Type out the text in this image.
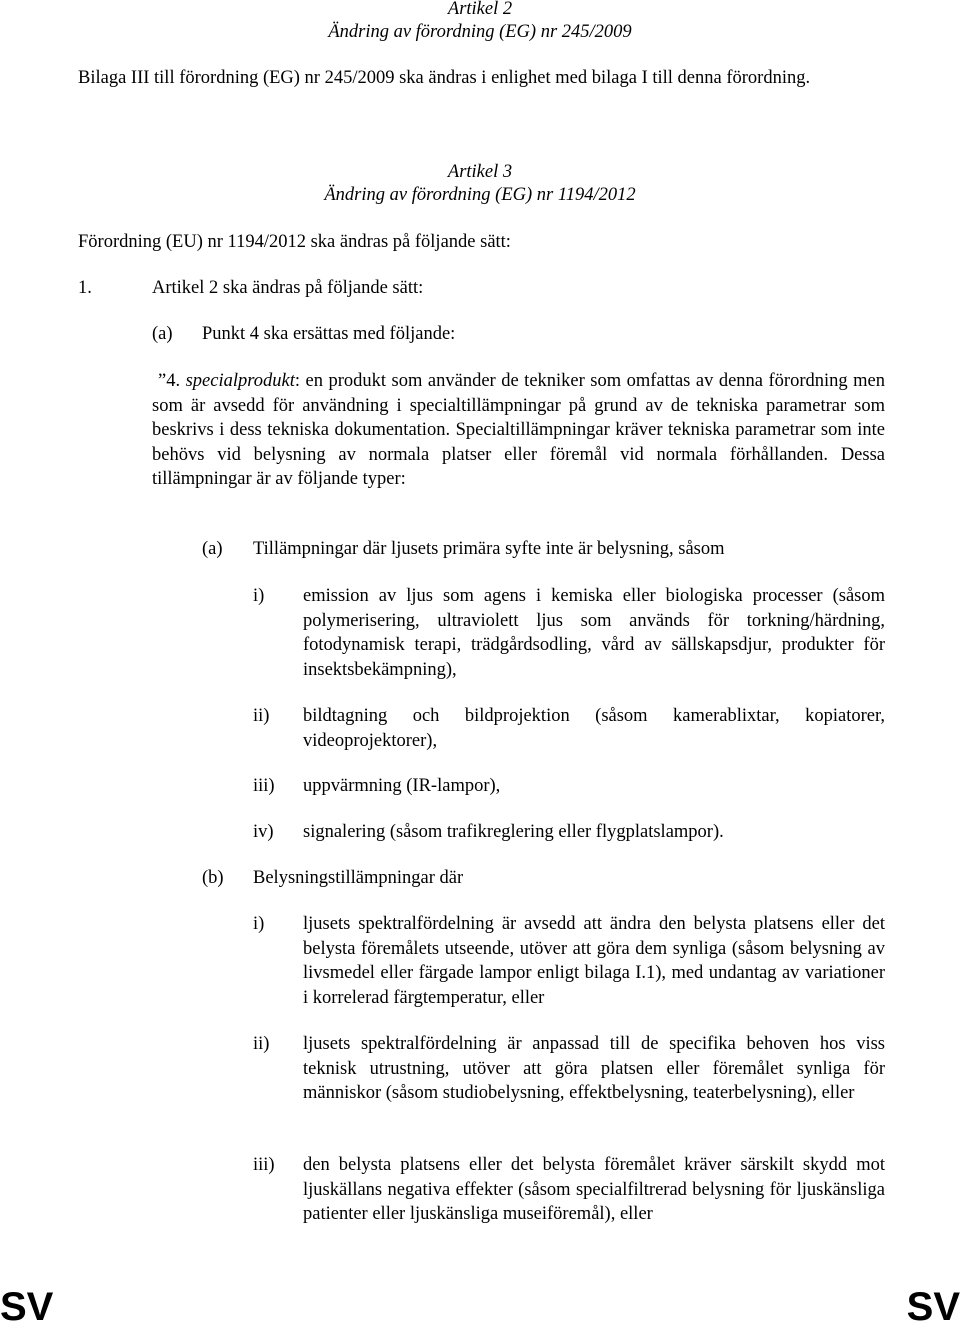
Artikel 2
Ändring av förordning (EG) nr 245/2009
Bilaga III till förordning (EG) nr 245/2009 ska ändras i enlighet med bilaga I till denna förordning.
Artikel 3
Ändring av förordning (EG) nr 1194/2012
Förordning (EU) nr 1194/2012 ska ändras på följande sätt:
1.	Artikel 2 ska ändras på följande sätt:
(a) Punkt 4 ska ersättas med följande:
”4. specialprodukt: en produkt som använder de tekniker som omfattas av denna förordning men som är avsedd för användning i specialtillämpningar på grund av de tekniska parametrar som beskrivs i dess tekniska dokumentation. Specialtillämpningar kräver tekniska parametrar som inte behövs vid belysning av normala platser eller föremål vid normala förhållanden. Dessa tillämpningar är av följande typer:
(a) Tillämpningar där ljusets primära syfte inte är belysning, såsom
i) emission av ljus som agens i kemiska eller biologiska processer (såsom polymerisering, ultraviolett ljus som används för torkning/härdning, fotodynamisk terapi, trädgårdsodling, vård av sällskapsdjur, produkter för insektsbekämpning),
ii) bildtagning och bildprojektion (såsom kamerablixtar, kopiatorer, videoprojektorer),
iii) uppvärmning (IR-lampor),
iv) signalering (såsom trafikreglering eller flygplatslampor).
(b) Belysningstillämpningar där
i) ljusets spektralfördelning är avsedd att ändra den belysta platsens eller det belysta föremålets utseende, utöver att göra dem synliga (såsom belysning av livsmedel eller färgade lampor enligt bilaga I.1), med undantag av variationer i korrelerad färgtemperatur, eller
ii) ljusets spektralfördelning är anpassad till de specifika behoven hos viss teknisk utrustning, utöver att göra platsen eller föremålet synliga för människor (såsom studiobelysning, effektbelysning, teaterbelysning), eller
iii) den belysta platsens eller det belysta föremålet kräver särskilt skydd mot ljuskällans negativa effekter (såsom specialfiltrerad belysning för ljuskänsliga patienter eller ljuskänsliga museiföremål), eller
SV	SV
